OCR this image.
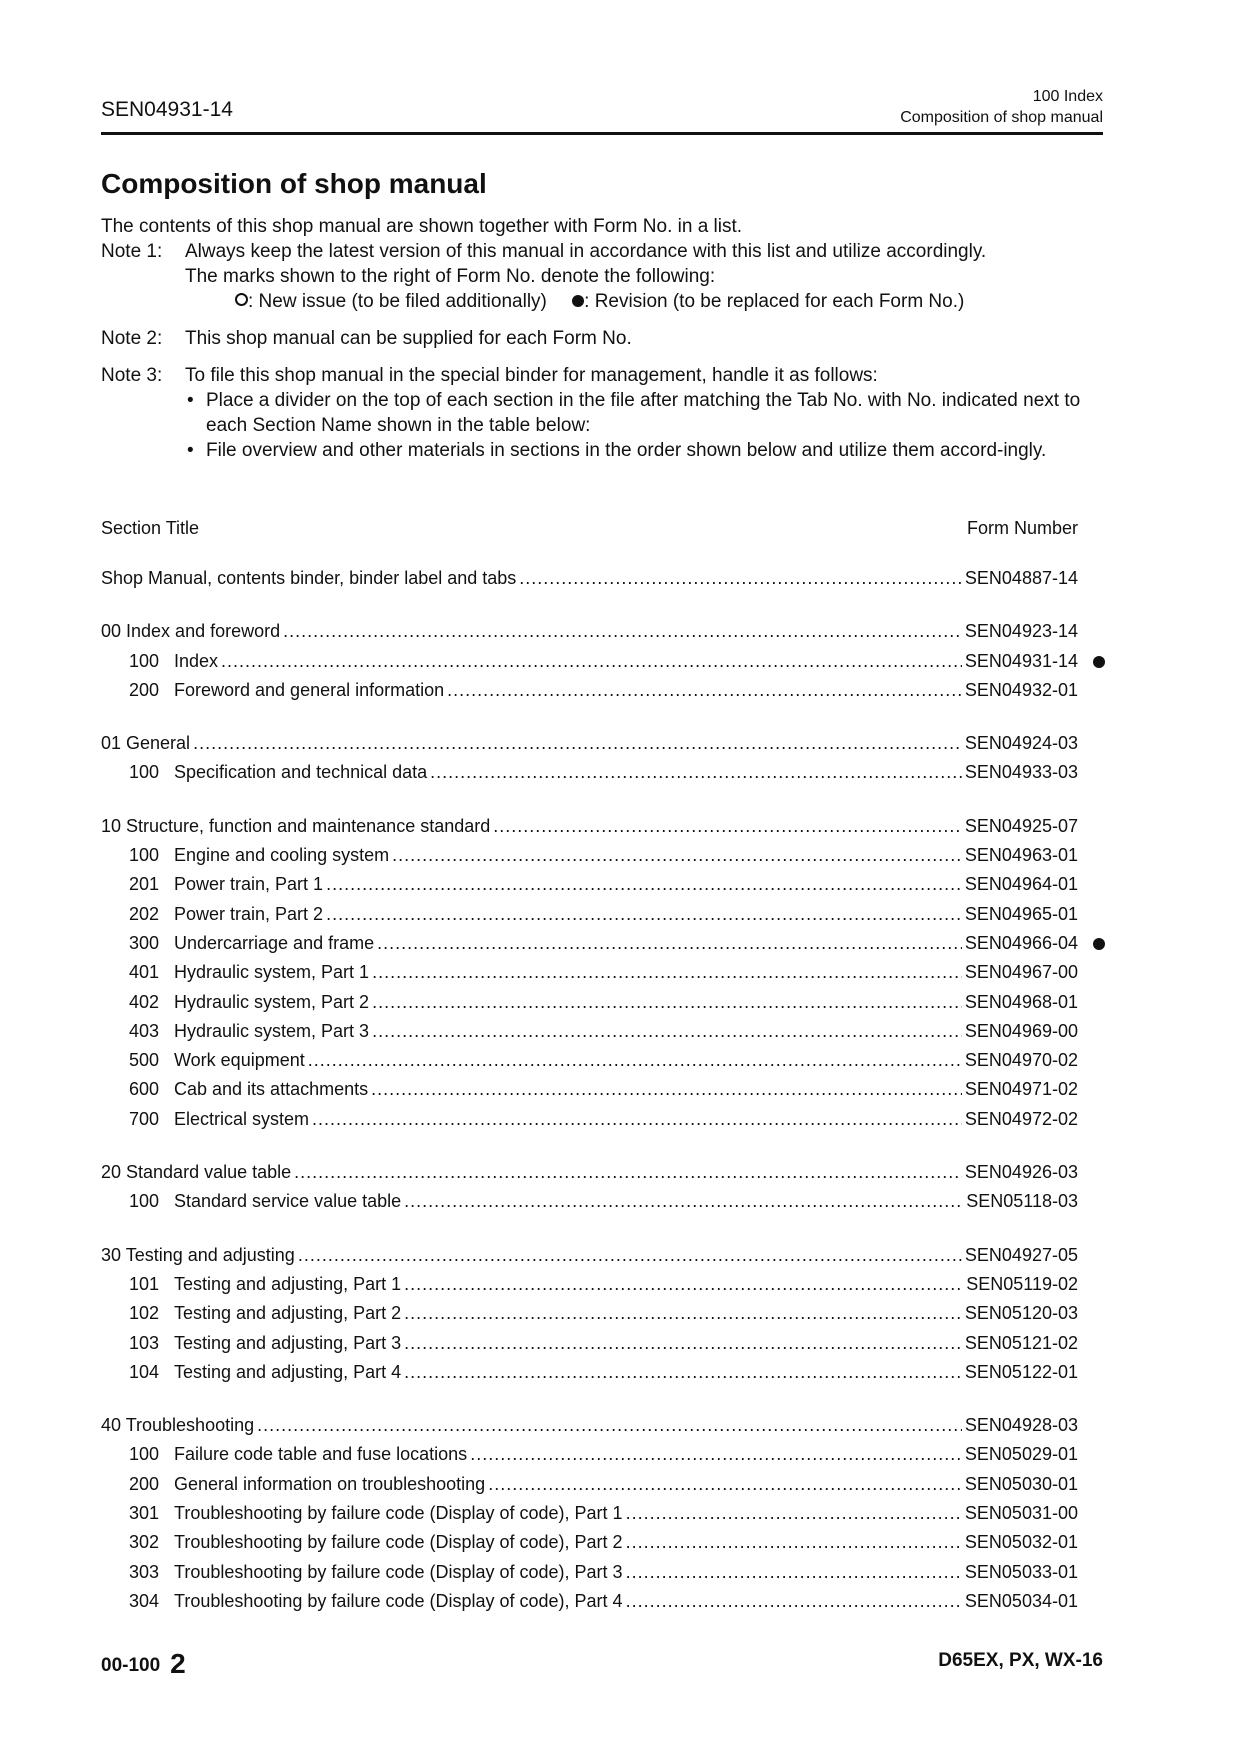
SEN04931-14
100 Index
Composition of shop manual
Composition of shop manual

The contents of this shop manual are shown together with Form No. in a list.

Note 1:	Always keep the latest version of this manual in accordance with this list and utilize accordingly.
The marks shown to the right of Form No. denote the following:
: New issue (to be filed additionally) : Revision (to be replaced for each Form No.)
Note 2:	This shop manual can be supplied for each Form No.
Note 3:	To file this shop manual in the special binder for management, handle it as follows:
• Place a divider on the top of each section in the file after matching the Tab No. with No. indicated next to each Section Name shown in the table below:
• File overview and other materials in sections in the order shown below and utilize them accord-ingly.
Section Title	Form Number
Shop Manual, contents binder, binder label and tabs .....	SEN04887-14
00 Index and foreword .....	SEN04923-14
100 Index .....	SEN04931-14
200 Foreword and general information .....	SEN04932-01
01 General .....	SEN04924-03
100 Specification and technical data .....	SEN04933-03
10 Structure, function and maintenance standard .....	SEN04925-07
100 Engine and cooling system .....	SEN04963-01
201 Power train, Part 1 .....	SEN04964-01
202 Power train, Part 2 .....	SEN04965-01
300 Undercarriage and frame .....	SEN04966-04
401 Hydraulic system, Part 1 .....	SEN04967-00
402 Hydraulic system, Part 2 .....	SEN04968-01
403 Hydraulic system, Part 3 .....	SEN04969-00
500 Work equipment .....	SEN04970-02
600 Cab and its attachments .....	SEN04971-02
700 Electrical system .....	SEN04972-02
20 Standard value table .....	SEN04926-03
100 Standard service value table .....	SEN05118-03
30 Testing and adjusting .....	SEN04927-05
101 Testing and adjusting, Part 1 .....	SEN05119-02
102 Testing and adjusting, Part 2 .....	SEN05120-03
103 Testing and adjusting, Part 3 .....	SEN05121-02
104 Testing and adjusting, Part 4 .....	SEN05122-01
40 Troubleshooting .....	SEN04928-03
100 Failure code table and fuse locations .....	SEN05029-01
200 General information on troubleshooting .....	SEN05030-01
301 Troubleshooting by failure code (Display of code), Part 1 .....	SEN05031-00
302 Troubleshooting by failure code (Display of code), Part 2 .....	SEN05032-01
303 Troubleshooting by failure code (Display of code), Part 3 .....	SEN05033-01
304 Troubleshooting by failure code (Display of code), Part 4 .....	SEN05034-01
00-100 2	D65EX, PX, WX-16
